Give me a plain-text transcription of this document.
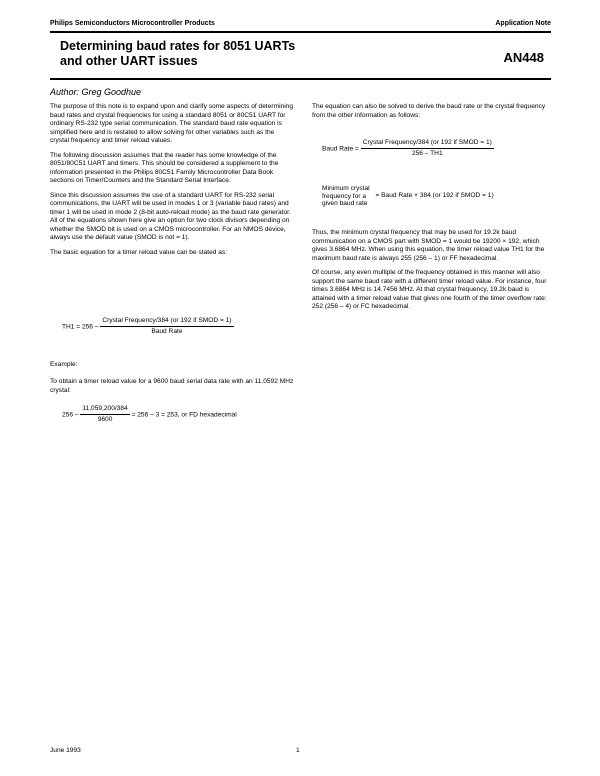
Philips Semiconductors Microcontroller Products	Application Note
Determining baud rates for 8051 UARTs
and other UART issues	AN448
Author: Greg Goodhue

The purpose of this note is to expand upon and clarify some aspects of determining baud rates and crystal frequencies for using a standard 8051 or 80C51 UART for ordinary RS-232 type serial communication. The standard baud rate equation is simplified here and is restated to allow solving for other variables such as the crystal frequency and timer reload values.

The following discussion assumes that the reader has some knowledge of the 8051/80C51 UART and timers. This should be considered a supplement to the information presented in the Philips 80C51 Family Microcontroller Data Book sections on Timer/Counters and the Standard Serial Interface.

Since this discussion assumes the use of a standard UART for RS-232 serial communications, the UART will be used in modes 1 or 3 (variable baud rates) and timer 1 will be used in mode 2 (8-bit auto-reload mode) as the baud rate generator. All of the equations shown here give an option for two clock divisors depending on whether the SMOD bit is used on a CMOS microcontroller. For an NMOS device, always use the default value (SMOD is not = 1).

The basic equation for a timer reload value can be stated as:

$TH1 = 256 - \frac{\text{Crystal Frequency/384 (or 192 if SMOD = 1)}}{\text{Baud Rate}}$
Example:
To obtain a timer reload value for a 9600 baud serial data rate with an 11.0592 MHz crystal:
$256 - \frac{11,059,200/384}{9600} = 256 - 3 = 253$, or FD hexadecimal
The equation can also be solved to derive the baud rate or the crystal frequency from the other information as follows:
Baud Rate = $\frac{\text{Crystal Frequency/384 (or 192 if SMOD = 1)}}{256 - TH1}$
Minimum crystal
frequency for a
given baud rate
= Baud Rate × 384 (or 192 if SMOD = 1)

Thus, the minimum crystal frequency that may be used for 19.2k baud communication on a CMOS part with SMOD = 1 would be 19200 × 192, which gives 3.6864 MHz. When using this equation, the timer reload value TH1 for the maximum baud rate is always 255 (256 – 1) or FF hexadecimal.

Of course, any even multiple of the frequency obtained in this manner will also support the same baud rate with a different timer reload value. For instance, four times 3.6864 MHz is 14.7456 MHz. At that crystal frequency, 19.2k baud is attained with a timer reload value that gives one fourth of the timer overflow rate: 252 (256 – 4) or FC hexadecimal.

June 1993	1
